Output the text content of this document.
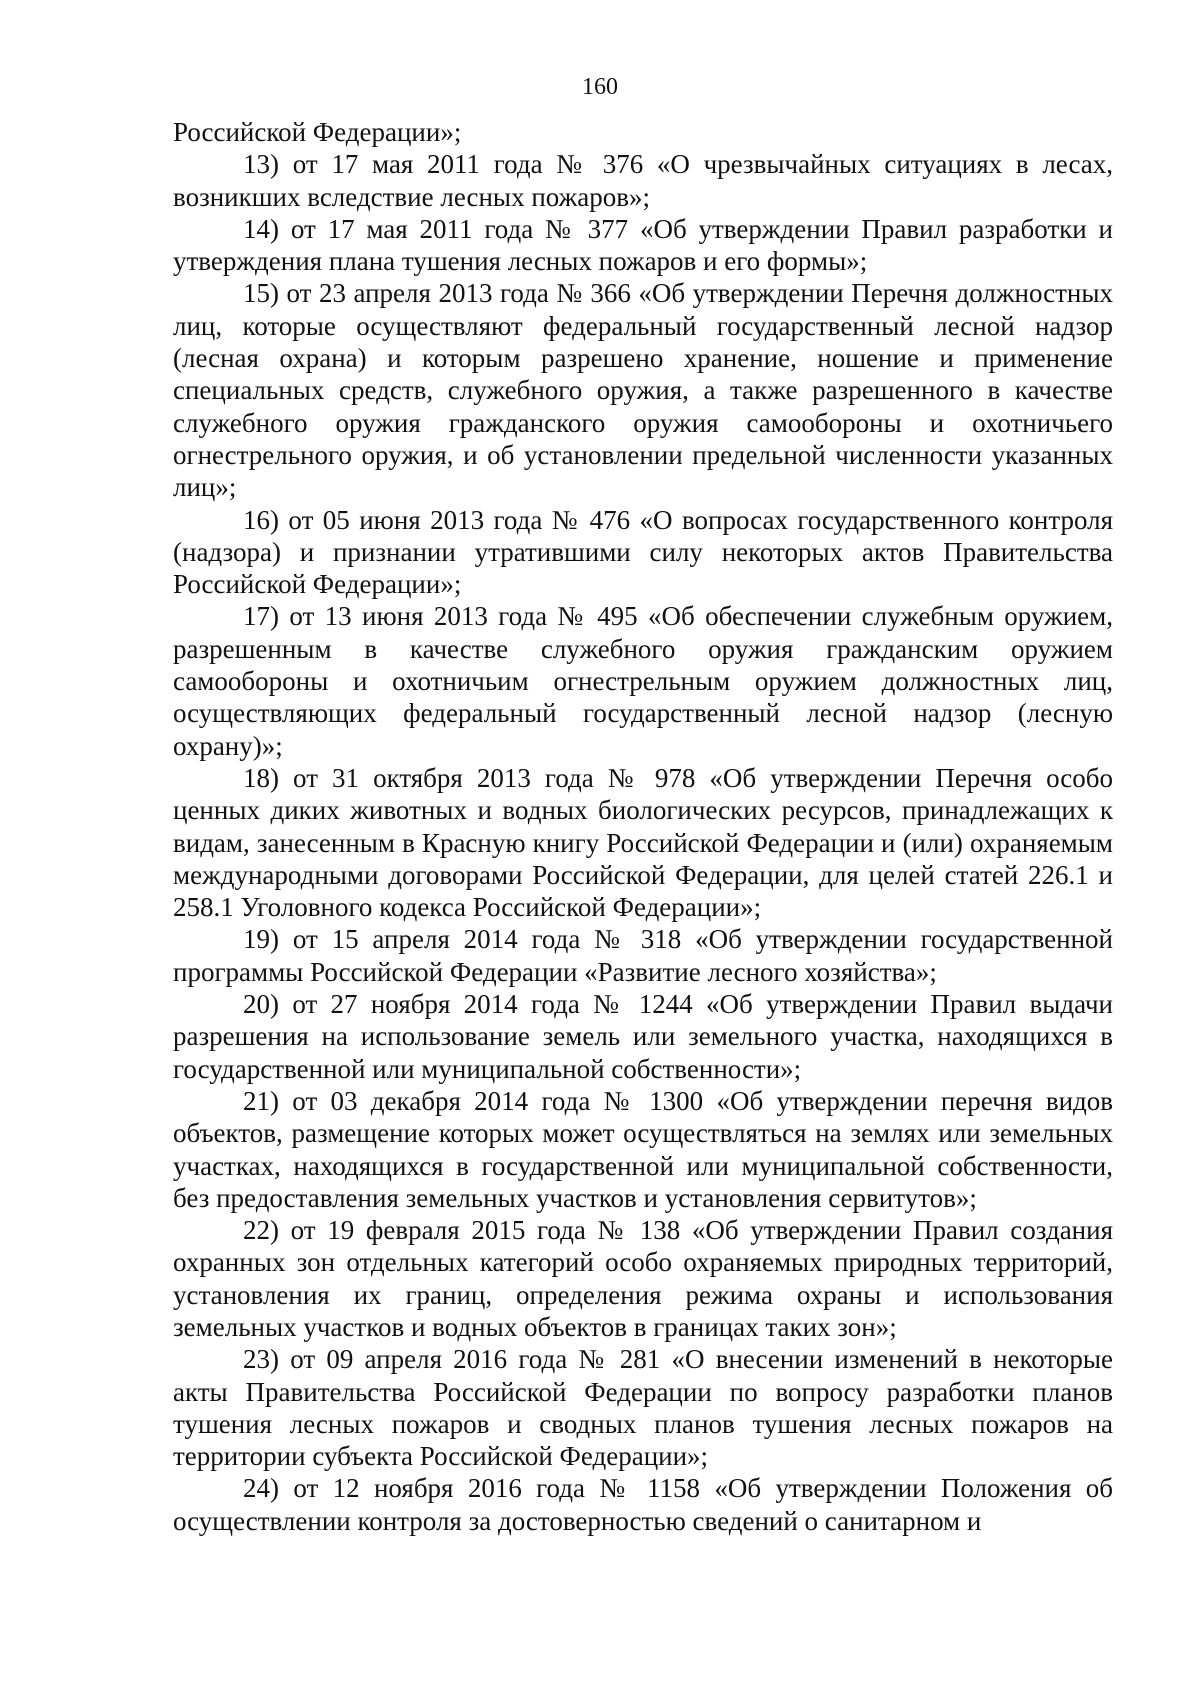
160

Российской Федерации»;

13) от 17 мая 2011 года № 376 «О чрезвычайных ситуациях в лесах, возникших вследствие лесных пожаров»;

14) от 17 мая 2011 года № 377 «Об утверждении Правил разработки и утверждения плана тушения лесных пожаров и его формы»;

15) от 23 апреля 2013 года № 366 «Об утверждении Перечня должностных лиц, которые осуществляют федеральный государственный лесной надзор (лесная охрана) и которым разрешено хранение, ношение и применение специальных средств, служебного оружия, а также разрешенного в качестве служебного оружия гражданского оружия самообороны и охотничьего огнестрельного оружия, и об установлении предельной численности указанных лиц»;

16) от 05 июня 2013 года № 476 «О вопросах государственного контроля (надзора) и признании утратившими силу некоторых актов Правительства Российской Федерации»;

17) от 13 июня 2013 года № 495 «Об обеспечении служебным оружием, разрешенным в качестве служебного оружия гражданским оружием самообороны и охотничьим огнестрельным оружием должностных лиц, осуществляющих федеральный государственный лесной надзор (лесную охрану)»;

18) от 31 октября 2013 года № 978 «Об утверждении Перечня особо ценных диких животных и водных биологических ресурсов, принадлежащих к видам, занесенным в Красную книгу Российской Федерации и (или) охраняемым международными договорами Российской Федерации, для целей статей 226.1 и 258.1 Уголовного кодекса Российской Федерации»;

19) от 15 апреля 2014 года № 318 «Об утверждении государственной программы Российской Федерации «Развитие лесного хозяйства»;

20) от 27 ноября 2014 года № 1244 «Об утверждении Правил выдачи разрешения на использование земель или земельного участка, находящихся в государственной или муниципальной собственности»;

21) от 03 декабря 2014 года № 1300 «Об утверждении перечня видов объектов, размещение которых может осуществляться на землях или земельных участках, находящихся в государственной или муниципальной собственности, без предоставления земельных участков и установления сервитутов»;

22) от 19 февраля 2015 года № 138 «Об утверждении Правил создания охранных зон отдельных категорий особо охраняемых природных территорий, установления их границ, определения режима охраны и использования земельных участков и водных объектов в границах таких зон»;

23) от 09 апреля 2016 года № 281 «О внесении изменений в некоторые акты Правительства Российской Федерации по вопросу разработки планов тушения лесных пожаров и сводных планов тушения лесных пожаров на территории субъекта Российской Федерации»;

24) от 12 ноября 2016 года № 1158 «Об утверждении Положения об осуществлении контроля за достоверностью сведений о санитарном и
